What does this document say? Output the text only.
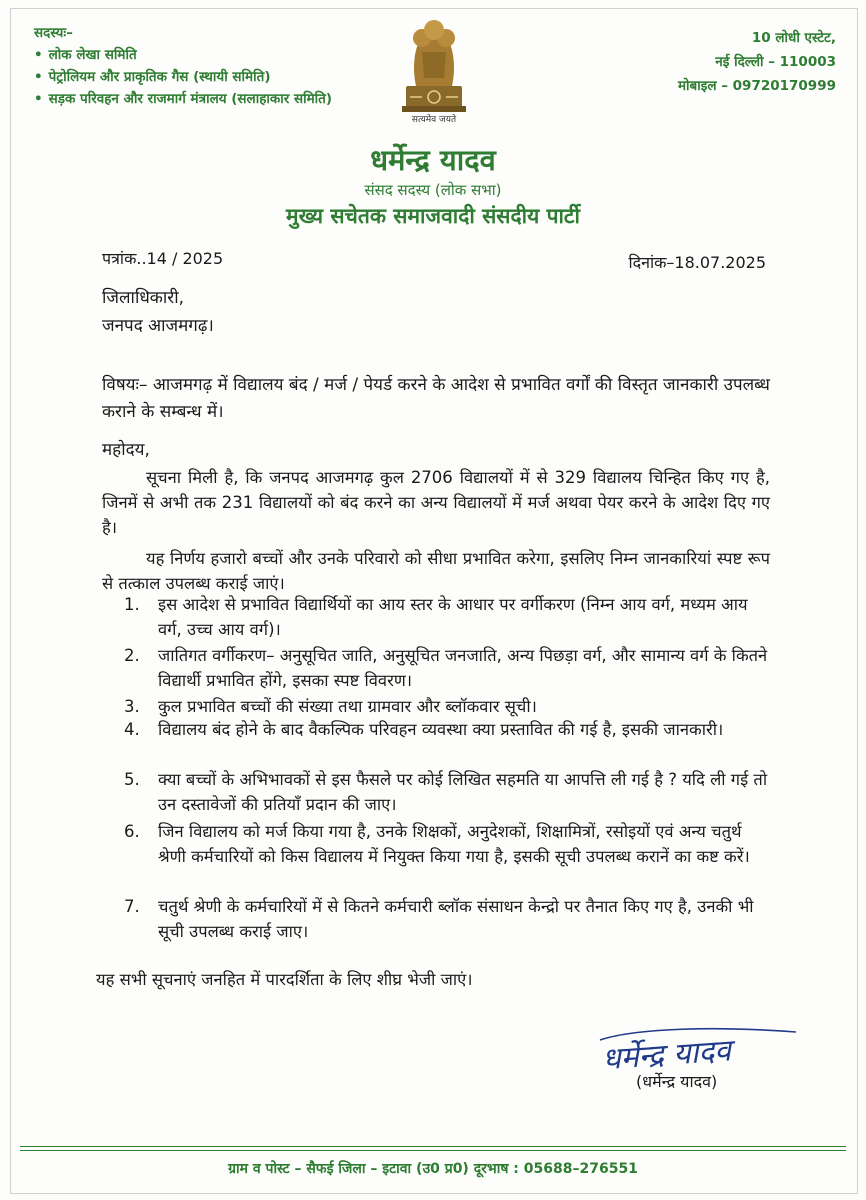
सदस्यः–
• लोक लेखा समिति
• पेट्रोलियम और प्राकृतिक गैस (स्थायी समिति)
• सड़क परिवहन और राजमार्ग मंत्रालय (सलाहाकार समिति)
सत्यमेव जयते
10 लोधी एस्टेट,
नई दिल्ली – 110003
मोबाइल – 09720170999
धर्मेन्द्र यादव
संसद सदस्य (लोक सभा)
मुख्य सचेतक समाजवादी संसदीय पार्टी
पत्रांक..14 / 2025	दिनांक–18.07.2025
जिलाधिकारी,
जनपद आजमगढ़।
विषयः– आजमगढ़ में विद्यालय बंद / मर्ज / पेयर्ड करने के आदेश से प्रभावित वर्गों की विस्तृत जानकारी उपलब्ध कराने के सम्बन्ध में।
महोदय,
सूचना मिली है, कि जनपद आजमगढ़ कुल 2706 विद्यालयों में से 329 विद्यालय चिन्हित किए गए है, जिनमें से अभी तक 231 विद्यालयों को बंद करने का अन्य विद्यालयों में मर्ज अथवा पेयर करने के आदेश दिए गए है।
यह निर्णय हजारो बच्चों और उनके परिवारो को सीधा प्रभावित करेगा, इसलिए निम्न जानकारियां स्पष्ट रूप से तत्काल उपलब्ध कराई जाएं।
1.	इस आदेश से प्रभावित विद्यार्थियों का आय स्तर के आधार पर वर्गीकरण (निम्न आय वर्ग, मध्यम आय वर्ग, उच्च आय वर्ग)।
2.	जातिगत वर्गीकरण– अनुसूचित जाति, अनुसूचित जनजाति, अन्य पिछड़ा वर्ग, और सामान्य वर्ग के कितने विद्यार्थी प्रभावित होंगे, इसका स्पष्ट विवरण।
3.	कुल प्रभावित बच्चों की संख्या तथा ग्रामवार और ब्लॉकवार सूची।
4.	विद्यालय बंद होने के बाद वैकल्पिक परिवहन व्यवस्था क्या प्रस्तावित की गई है, इसकी जानकारी।
5.	क्या बच्चों के अभिभावकों से इस फैसले पर कोई लिखित सहमति या आपत्ति ली गई है ? यदि ली गई तो उन दस्तावेजों की प्रतियाँ प्रदान की जाए।
6.	जिन विद्यालय को मर्ज किया गया है, उनके शिक्षकों, अनुदेशकों, शिक्षामित्रों, रसोइयों एवं अन्य चतुर्थ श्रेणी कर्मचारियों को किस विद्यालय में नियुक्त किया गया है, इसकी सूची उपलब्ध करानें का कष्ट करें।
7.	चतुर्थ श्रेणी के कर्मचारियों में से कितने कर्मचारी ब्लॉक संसाधन केन्द्रो पर तैनात किए गए है, उनकी भी सूची उपलब्ध कराई जाए।
यह सभी सूचनाएं जनहित में पारदर्शिता के लिए शीघ्र भेजी जाएं।
धर्मेन्द्र यादव
(धर्मेन्द्र यादव)
ग्राम व पोस्ट – सैफई जिला – इटावा (उ0 प्र0) दूरभाष : 05688–276551
